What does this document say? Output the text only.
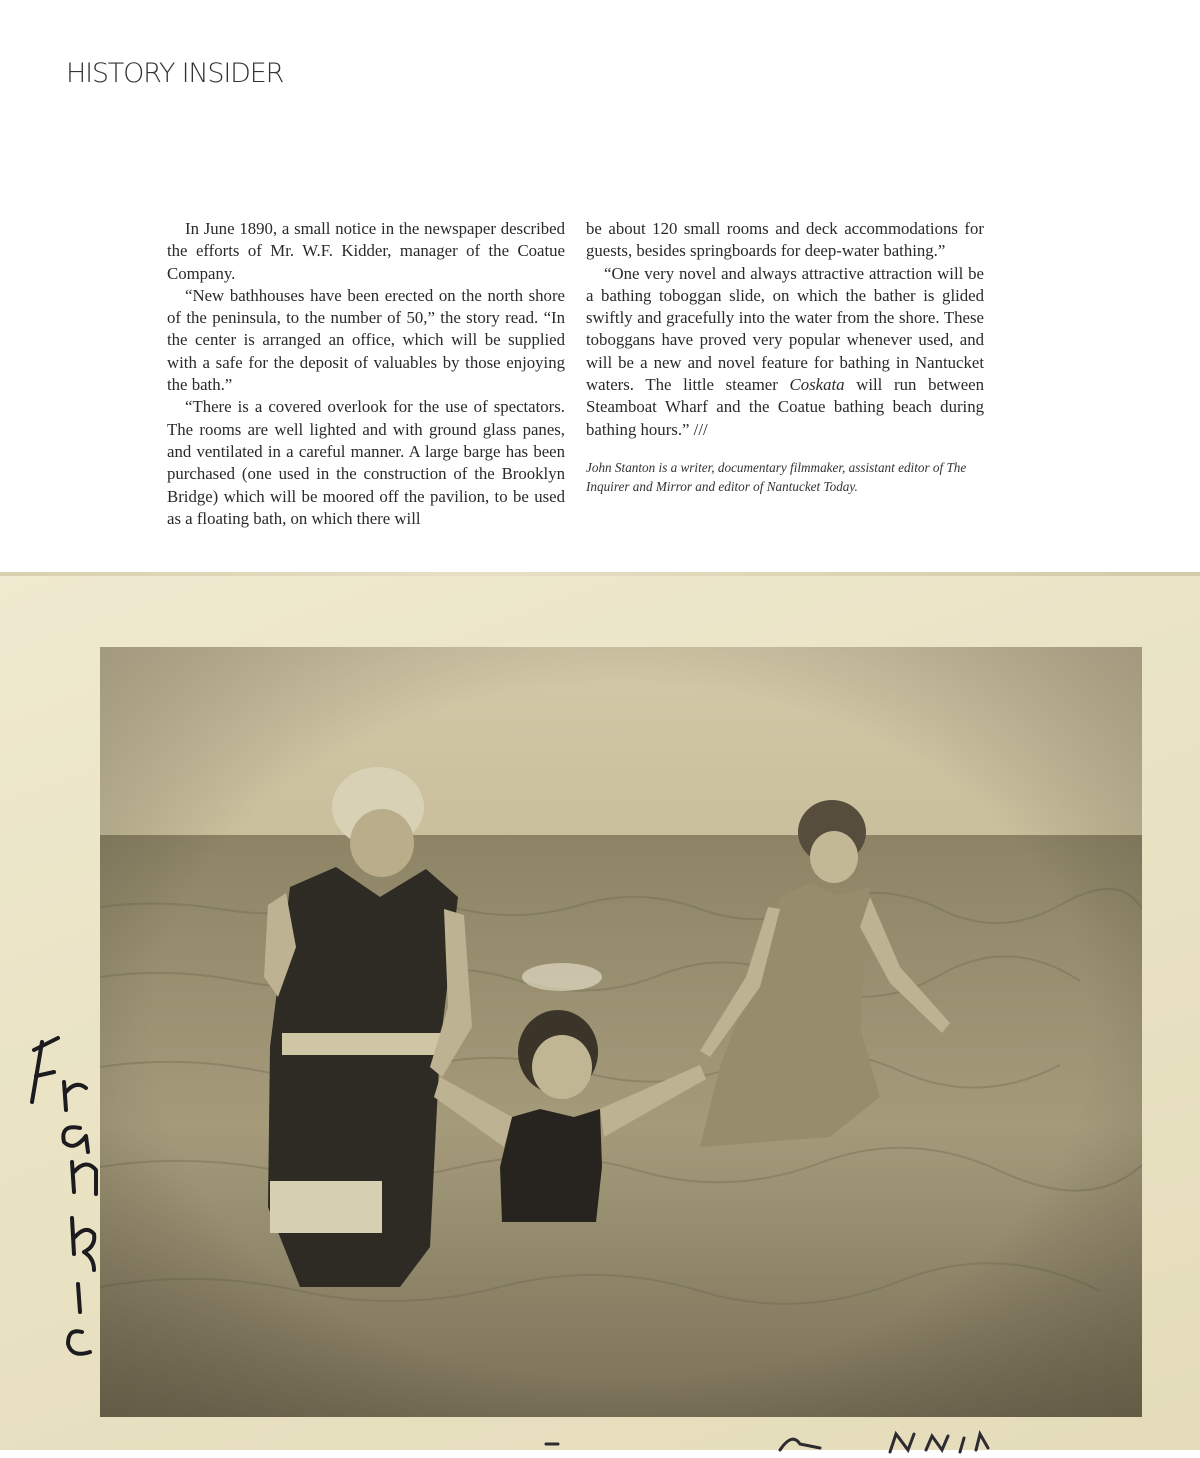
HISTORY INSIDER

In June 1890, a small notice in the newspaper described the efforts of Mr. W.F. Kidder, manager of the Coatue Company.

“New bathhouses have been erected on the north shore of the peninsula, to the number of 50,” the story read. “In the center is arranged an office, which will be supplied with a safe for the deposit of valuables by those enjoying the bath.”

“There is a covered overlook for the use of spectators. The rooms are well lighted and with ground glass panes, and ventilated in a careful manner. A large barge has been purchased (one used in the construction of the Brooklyn Bridge) which will be moored off the pavilion, to be used as a floating bath, on which there will

be about 120 small rooms and deck accommodations for guests, besides springboards for deep-water bathing.”

“One very novel and always attractive attraction will be a bathing toboggan slide, on which the bather is glided swiftly and gracefully into the water from the shore. These toboggans have proved very popular whenever used, and will be a new and novel feature for bathing in Nantucket waters. The little steamer Coskata will run between Steamboat Wharf and the Coatue bathing beach during bathing hours.” ///

John Stanton is a writer, documentary filmmaker, assistant editor of The Inquirer and Mirror and editor of Nantucket Today.
